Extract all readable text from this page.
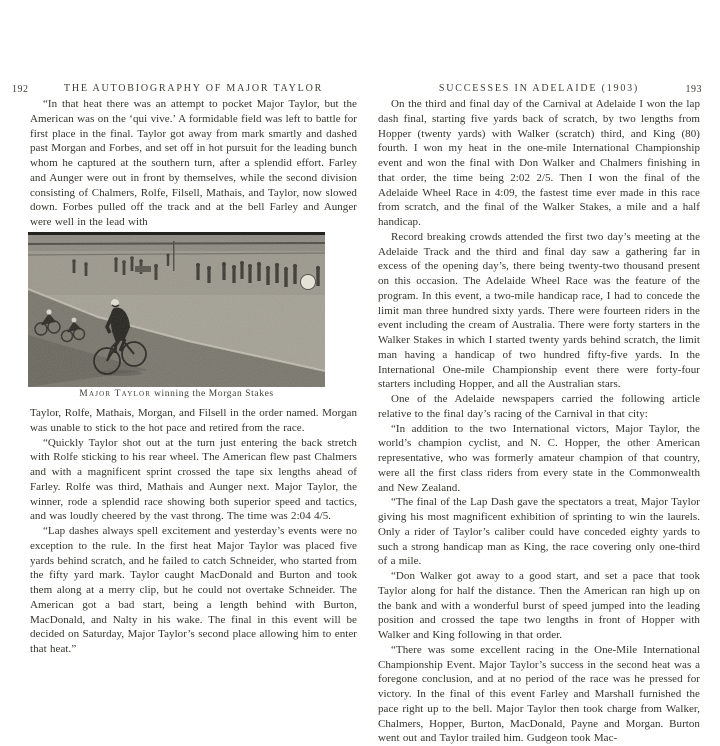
192	THE AUTOBIOGRAPHY OF MAJOR TAYLOR

“In that heat there was an attempt to pocket Major Taylor, but the American was on the ‘qui vive.’ A formidable field was left to battle for first place in the final. Taylor got away from mark smartly and dashed past Morgan and Forbes, and set off in hot pursuit for the leading bunch whom he captured at the southern turn, after a splendid effort. Farley and Aunger were out in front by themselves, while the second division consisting of Chalmers, Rolfe, Filsell, Mathais, and Taylor, now slowed down. Forbes pulled off the track and at the bell Farley and Aunger were well in the lead with

Major Taylor winning the Morgan Stakes

Taylor, Rolfe, Mathais, Morgan, and Filsell in the order named. Morgan was unable to stick to the hot pace and retired from the race.

“Quickly Taylor shot out at the turn just entering the back stretch with Rolfe sticking to his rear wheel. The American flew past Chalmers and with a magnificent sprint crossed the tape six lengths ahead of Farley. Rolfe was third, Mathais and Aunger next. Major Taylor, the winner, rode a splendid race showing both superior speed and tactics, and was loudly cheered by the vast throng. The time was 2:04 4/5.

“Lap dashes always spell excitement and yesterday’s events were no exception to the rule. In the first heat Major Taylor was placed five yards behind scratch, and he failed to catch Schneider, who started from the fifty yard mark. Taylor caught MacDonald and Burton and took them along at a merry clip, but he could not overtake Schneider. The American got a bad start, being a length behind with Burton, MacDonald, and Nalty in his wake. The final in this event will be decided on Saturday, Major Taylor’s second place allowing him to enter that heat.”

SUCCESSES IN ADELAIDE (1903)	193

On the third and final day of the Carnival at Adelaide I won the lap dash final, starting five yards back of scratch, by two lengths from Hopper (twenty yards) with Walker (scratch) third, and King (80) fourth. I won my heat in the one-mile International Championship event and won the final with Don Walker and Chalmers finishing in that order, the time being 2:02 2/5. Then I won the final of the Adelaide Wheel Race in 4:09, the fastest time ever made in this race from scratch, and the final of the Walker Stakes, a mile and a half handicap.

Record breaking crowds attended the first two day’s meeting at the Adelaide Track and the third and final day saw a gathering far in excess of the opening day’s, there being twenty-two thousand present on this occasion. The Adelaide Wheel Race was the feature of the program. In this event, a two-mile handicap race, I had to concede the limit man three hundred sixty yards. There were fourteen riders in the event including the cream of Australia. There were forty starters in the Walker Stakes in which I started twenty yards behind scratch, the limit man having a handicap of two hundred fifty-five yards. In the International One-mile Championship event there were forty-four starters including Hopper, and all the Australian stars.

One of the Adelaide newspapers carried the following article relative to the final day’s racing of the Carnival in that city:

“In addition to the two International victors, Major Taylor, the world’s champion cyclist, and N. C. Hopper, the other American representative, who was formerly amateur champion of that country, were all the first class riders from every state in the Commonwealth and New Zealand.

“The final of the Lap Dash gave the spectators a treat, Major Taylor giving his most magnificent exhibition of sprinting to win the laurels. Only a rider of Taylor’s caliber could have conceded eighty yards to such a strong handicap man as King, the race covering only one-third of a mile.

“Don Walker got away to a good start, and set a pace that took Taylor along for half the distance. Then the American ran high up on the bank and with a wonderful burst of speed jumped into the leading position and crossed the tape two lengths in front of Hopper with Walker and King following in that order.

“There was some excellent racing in the One-Mile International Championship Event. Major Taylor’s success in the second heat was a foregone conclusion, and at no period of the race was he pressed for victory. In the final of this event Farley and Marshall furnished the pace right up to the bell. Major Taylor then took charge from Walker, Chalmers, Hopper, Burton, MacDonald, Payne and Morgan. Burton went out and Taylor trailed him. Gudgeon took Mac-
